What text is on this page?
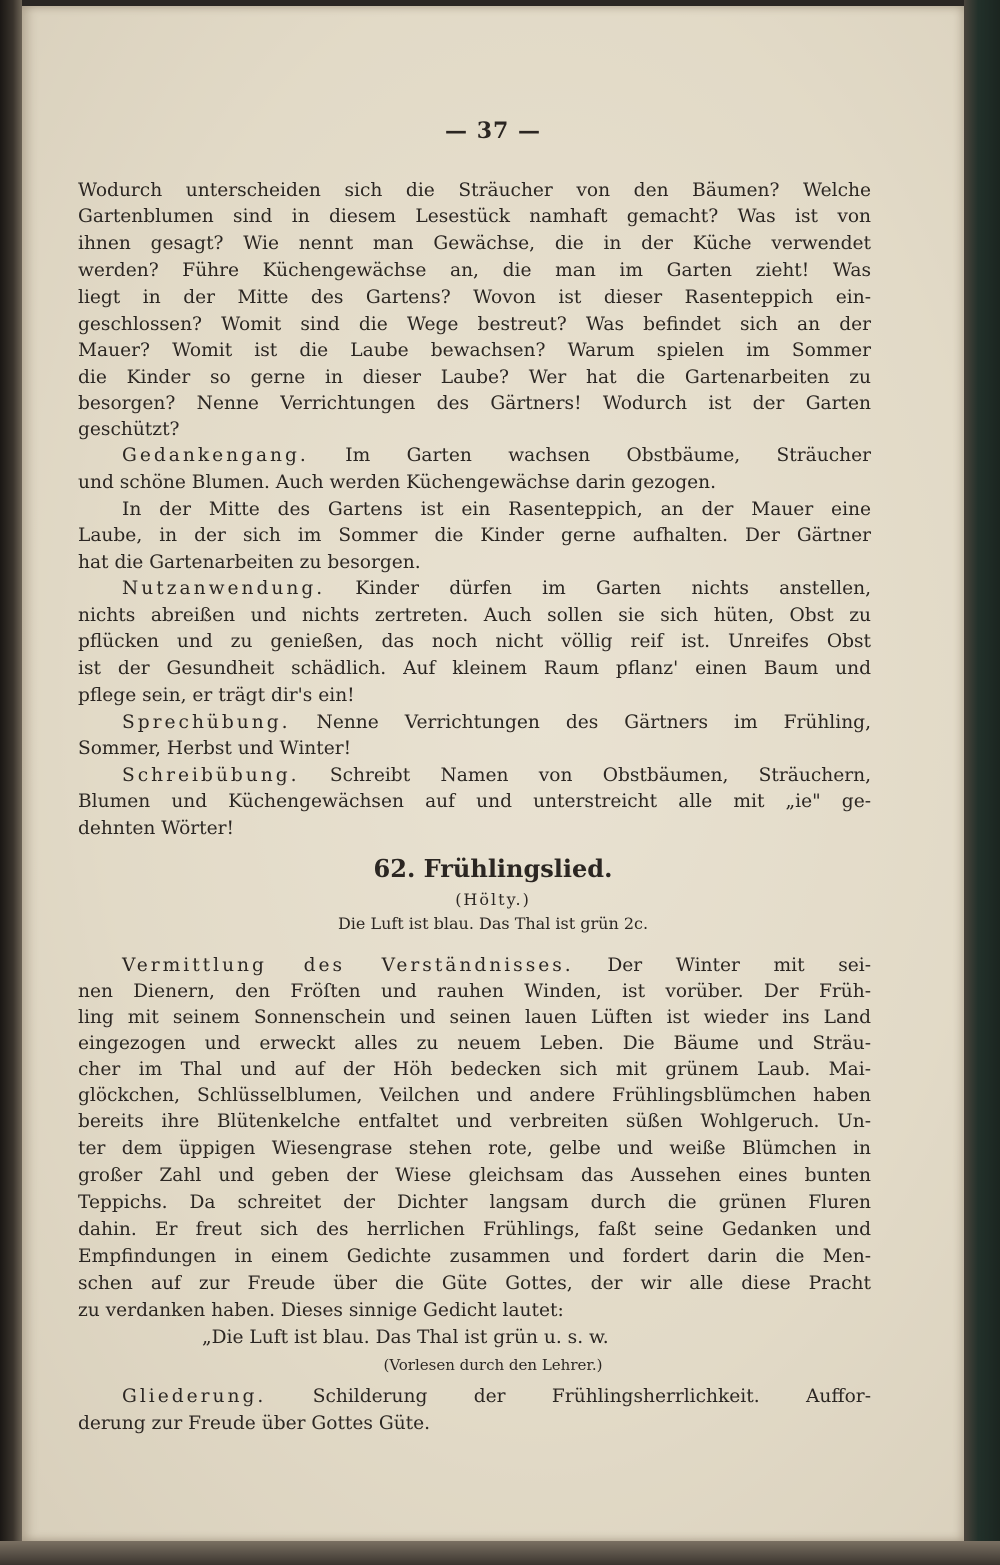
— 37 —
Wodurch unterscheiden sich die Sträucher von den Bäumen? Welche
Gartenblumen sind in diesem Lesestück namhaft gemacht? Was ist von
ihnen gesagt? Wie nennt man Gewächse, die in der Küche verwendet
werden? Führe Küchengewächse an, die man im Garten zieht! Was
liegt in der Mitte des Gartens? Wovon ist dieser Rasenteppich ein-
geschlossen? Womit sind die Wege bestreut? Was befindet sich an der
Mauer? Womit ist die Laube bewachsen? Warum spielen im Sommer
die Kinder so gerne in dieser Laube? Wer hat die Gartenarbeiten zu
besorgen? Nenne Verrichtungen des Gärtners! Wodurch ist der Garten
geschützt?
Gedankengang. Im Garten wachsen Obstbäume, Sträucher
und schöne Blumen. Auch werden Küchengewächse darin gezogen.
In der Mitte des Gartens ist ein Rasenteppich, an der Mauer eine
Laube, in der sich im Sommer die Kinder gerne aufhalten. Der Gärtner
hat die Gartenarbeiten zu besorgen.
Nutzanwendung. Kinder dürfen im Garten nichts anstellen,
nichts abreißen und nichts zertreten. Auch sollen sie sich hüten, Obst zu
pflücken und zu genießen, das noch nicht völlig reif ist. Unreifes Obst
ist der Gesundheit schädlich. Auf kleinem Raum pflanz' einen Baum und
pflege sein, er trägt dir's ein!
Sprechübung. Nenne Verrichtungen des Gärtners im Frühling,
Sommer, Herbst und Winter!
Schreibübung. Schreibt Namen von Obstbäumen, Sträuchern,
Blumen und Küchengewächsen auf und unterstreicht alle mit „ie" ge-
dehnten Wörter!
62. Frühlingslied.
(Hölty.)
Die Luft ist blau. Das Thal ist grün 2c.
Vermittlung des Verständnisses. Der Winter mit sei-
nen Dienern, den Fröſten und rauhen Winden, ist vorüber. Der Früh-
ling mit seinem Sonnenschein und seinen lauen Lüften ist wieder ins Land
eingezogen und erweckt alles zu neuem Leben. Die Bäume und Sträu-
cher im Thal und auf der Höh bedecken sich mit grünem Laub. Mai-
glöckchen, Schlüsselblumen, Veilchen und andere Frühlingsblümchen haben
bereits ihre Blütenkelche entfaltet und verbreiten süßen Wohlgeruch. Un-
ter dem üppigen Wiesengrase stehen rote, gelbe und weiße Blümchen in
großer Zahl und geben der Wiese gleichsam das Aussehen eines bunten
Teppichs. Da schreitet der Dichter langsam durch die grünen Fluren
dahin. Er freut sich des herrlichen Frühlings, faßt seine Gedanken und
Empfindungen in einem Gedichte zusammen und fordert darin die Men-
schen auf zur Freude über die Güte Gottes, der wir alle diese Pracht
zu verdanken haben. Dieses sinnige Gedicht lautet:
„Die Luft ist blau. Das Thal ist grün u. s. w.
(Vorlesen durch den Lehrer.)
Gliederung. Schilderung der Frühlingsherrlichkeit. Auffor-
derung zur Freude über Gottes Güte.
